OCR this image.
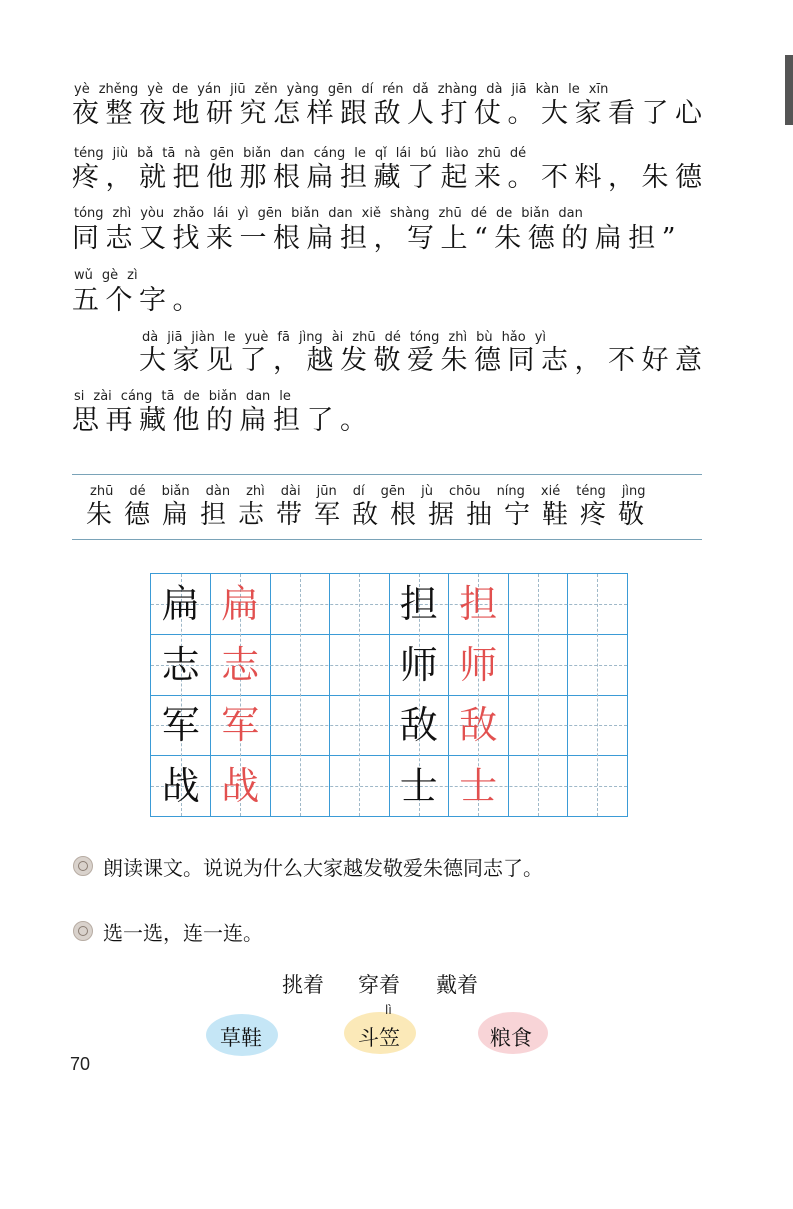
yè zhěng yè de yán jiū zěn yàng gēn dí rén dǎ zhàng dà jiā kàn le xīn
夜整夜地研究怎样跟敌人打仗。大家看了心
téng jiù bǎ tā nà gēn biǎn dan cáng le qǐ lái bú liào zhū dé
疼，就把他那根扁担藏了起来。不料，朱德
tóng zhì yòu zhǎo lái yì gēn biǎn dan xiě shàng zhū dé de biǎn dan
同志又找来一根扁担，写上“朱德的扁担”
wǔ gè zì
五个字。
dà jiā jiàn le yuè fā jìng ài zhū dé tóng zhì bù hǎo yì
大家见了，越发敬爱朱德同志，不好意
si zài cáng tā de biǎn dan le
思再藏他的扁担了。
zhū dé biǎn dàn zhì dài jūn dí gēn jù chōu níng xié téng jìng
朱德扁担志带军敌根据抽宁鞋疼敬
扁 扁
志 志
军 军
战 战
担 担
师 师
敌 敌
士 士
朗读课文。说说为什么大家越发敬爱朱德同志了。
选一选，连一连。
挑着 穿着 戴着
草鞋
lì
斗笠	粮食
70
